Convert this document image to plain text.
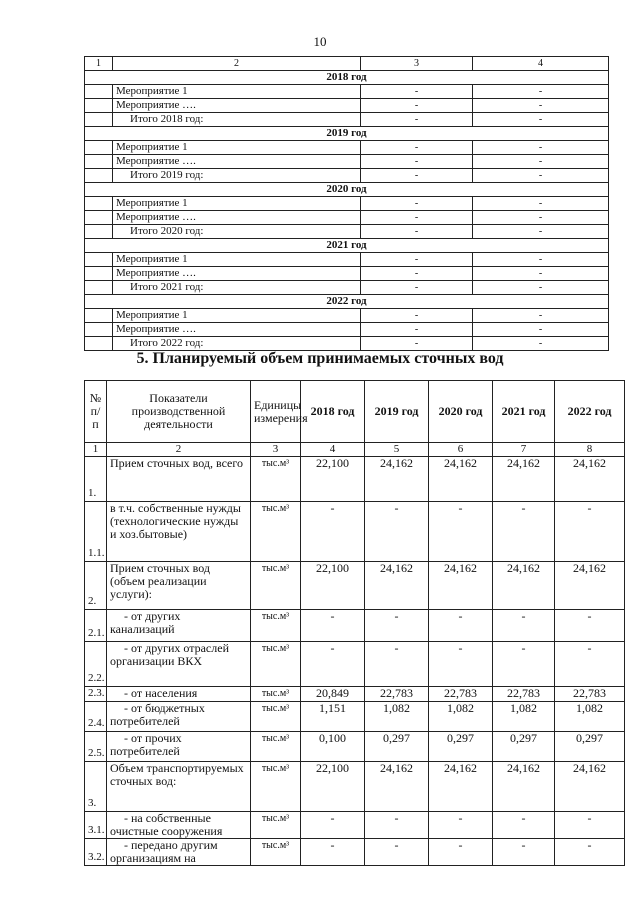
10
1	2	3	4
2018 год			
	Мероприятие 1	-	-
	Мероприятие ….	-	-
	Итого 2018 год:	-	-
2019 год			
	Мероприятие 1	-	-
	Мероприятие ….	-	-
	Итого 2019 год:	-	-
2020 год			
	Мероприятие 1	-	-
	Мероприятие ….	-	-
	Итого 2020 год:	-	-
2021 год			
	Мероприятие 1	-	-
	Мероприятие ….	-	-
	Итого 2021 год:	-	-
2022 год			
	Мероприятие 1	-	-
	Мероприятие ….	-	-
	Итого 2022 год:	-	-
5. Планируемый объем принимаемых сточных вод
№ п/п	Показатели производственной деятельности	Единицы измерения	2018 год	2019 год	2020 год	2021 год	2022 год
1	2	3	4	5	6	7	8
1.	Прием сточных вод, всего	тыс.м³	22,100	24,162	24,162	24,162	24,162
1.1.	в т.ч. собственные нужды (технологические нужды и хоз.бытовые)	тыс.м³	-	-	-	-	-
2.	Прием сточных вод (объем реализации услуги):	тыс.м³	22,100	24,162	24,162	24,162	24,162
2.1.	- от других канализаций	тыс.м³	-	-	-	-	-
2.2.	- от других отраслей организации ВКХ	тыс.м³	-	-	-	-	-
2.3.	- от населения	тыс.м³	20,849	22,783	22,783	22,783	22,783
2.4.	- от бюджетных потребителей	тыс.м³	1,151	1,082	1,082	1,082	1,082
2.5.	- от прочих потребителей	тыс.м³	0,100	0,297	0,297	0,297	0,297
3.	Объем транспортируемых сточных вод:	тыс.м³	22,100	24,162	24,162	24,162	24,162
3.1.	- на собственные очистные сооружения	тыс.м³	-	-	-	-	-
3.2.	- передано другим организациям на	тыс.м³	-	-	-	-	-
